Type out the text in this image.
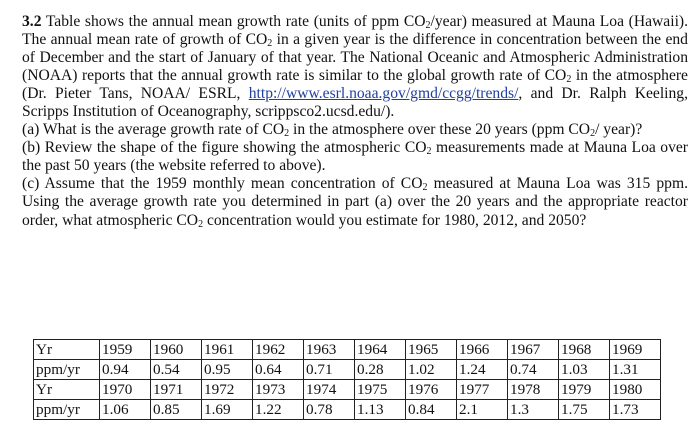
3.2 Table shows the annual mean growth rate (units of ppm $CO_2/year$) measured at Mauna Loa (Hawaii). The annual mean rate of growth of $CO_2$ in a given year is the difference in concentration between the end of December and the start of January of that year. The National Oceanic and Atmospheric Administration (NOAA) reports that the annual growth rate is similar to the global growth rate of $CO_2$ in the atmosphere (Dr. Pieter Tans, NOAA/ ESRL, http://www.esrl.noaa.gov/gmd/ccgg/trends/, and Dr. Ralph Keeling, Scripps Institution of Oceanography, scrippsco2.ucsd.edu/).

(a) What is the average growth rate of $CO_2$ in the atmosphere over these 20 years (ppm $CO_2/$ year)?

(b) Review the shape of the figure showing the atmospheric $CO_2$ measurements made at Mauna Loa over the past 50 years (the website referred to above).

(c) Assume that the 1959 monthly mean concentration of $CO_2$ measured at Mauna Loa was 315 ppm. Using the average growth rate you determined in part (a) over the 20 years and the appropriate reactor order, what atmospheric $CO_2$ concentration would you estimate for 1980, 2012, and 2050?

Yr	1959	1960	1961	1962	1963	1964	1965	1966	1967	1968	1969
ppm/yr	0.94	0.54	0.95	0.64	0.71	0.28	1.02	1.24	0.74	1.03	1.31
Yr	1970	1971	1972	1973	1974	1975	1976	1977	1978	1979	1980
ppm/yr	1.06	0.85	1.69	1.22	0.78	1.13	0.84	2.1	1.3	1.75	1.73
